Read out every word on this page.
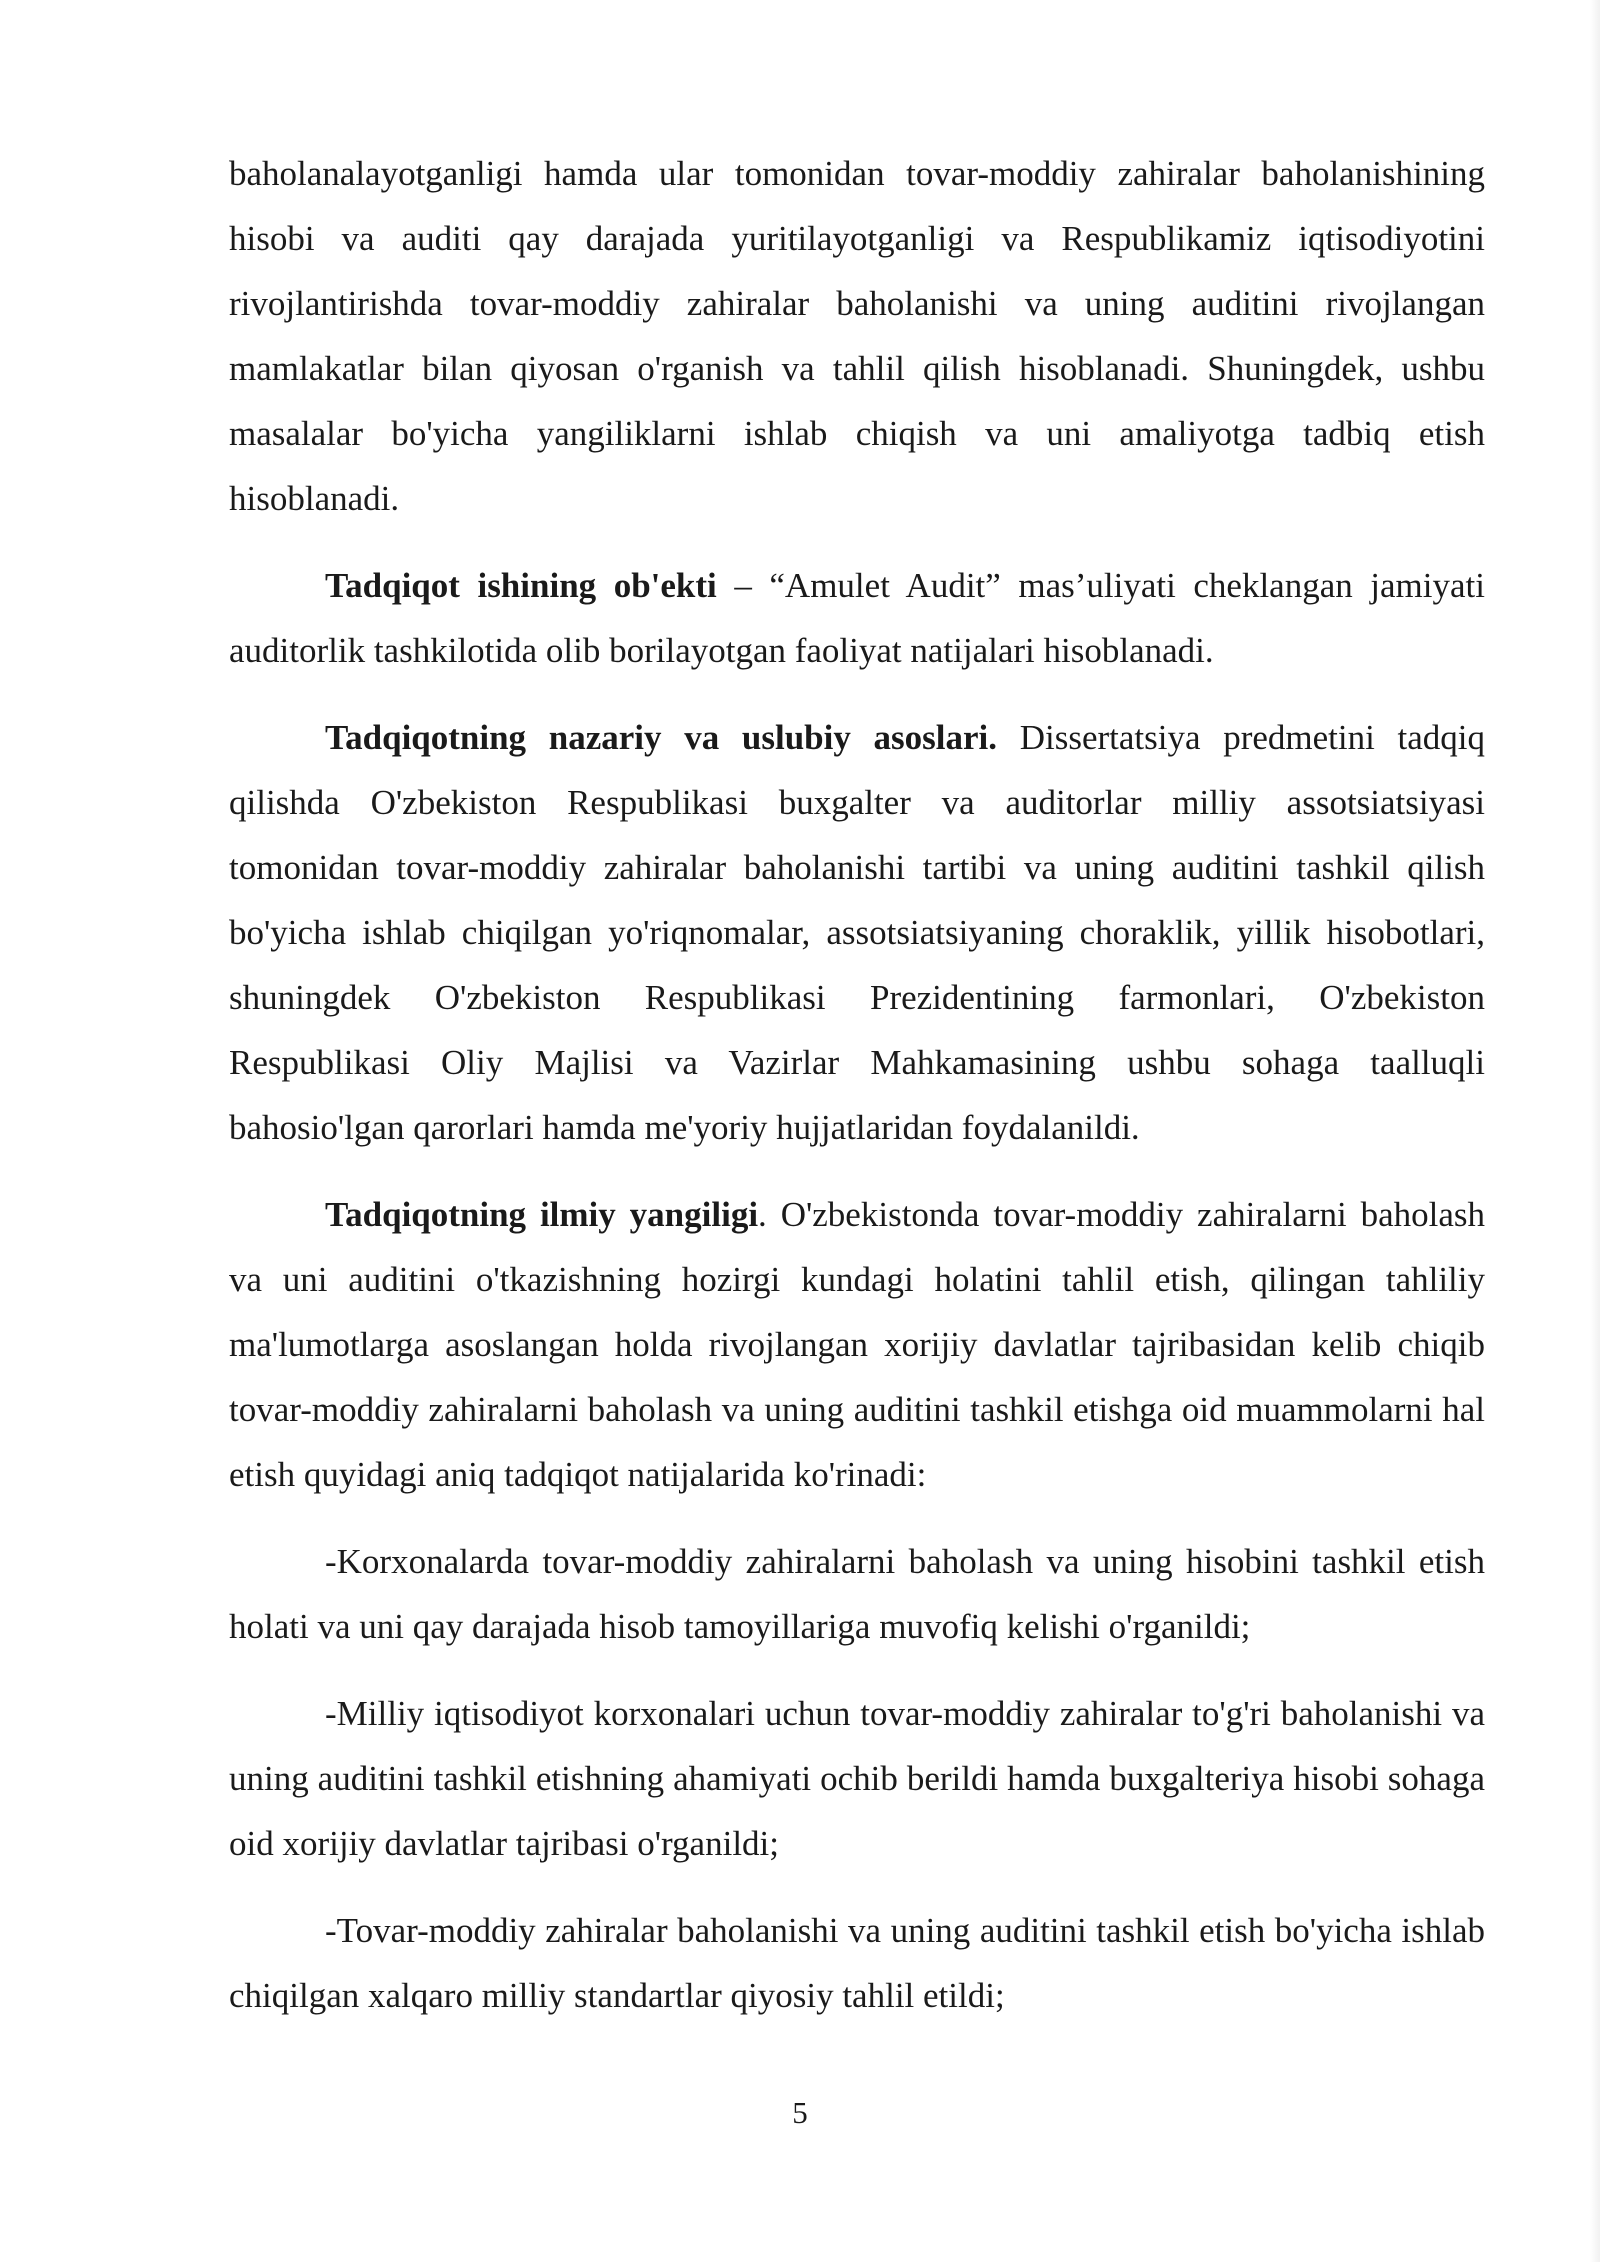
baholanalayotganligi hamda ular tomonidan tovar-moddiy zahiralar baholanishining hisobi va auditi qay darajada yuritilayotganligi va Respublikamiz iqtisodiyotini rivojlantirishda tovar-moddiy zahiralar baholanishi va uning auditini rivojlangan mamlakatlar bilan qiyosan o'rganish va tahlil qilish hisoblanadi. Shuningdek, ushbu masalalar bo'yicha yangiliklarni ishlab chiqish va uni amaliyotga tadbiq etish hisoblanadi.

Tadqiqot ishining ob'ekti – “Amulet Audit” mas’uliyati cheklangan jamiyati auditorlik tashkilotida olib borilayotgan faoliyat natijalari hisoblanadi.

Tadqiqotning nazariy va uslubiy asoslari. Dissertatsiya predmetini tadqiq qilishda O'zbekiston Respublikasi buxgalter va auditorlar milliy assotsiatsiyasi tomonidan tovar-moddiy zahiralar baholanishi tartibi va uning auditini tashkil qilish bo'yicha ishlab chiqilgan yo'riqnomalar, assotsiatsiyaning choraklik, yillik hisobotlari, shuningdek O'zbekiston Respublikasi Prezidentining farmonlari, O'zbekiston Respublikasi Oliy Majlisi va Vazirlar Mahkamasining ushbu sohaga taalluqli bahosio'lgan qarorlari hamda me'yoriy hujjatlaridan foydalanildi.

Tadqiqotning ilmiy yangiligi. O'zbekistonda tovar-moddiy zahiralarni baholash va uni auditini o'tkazishning hozirgi kundagi holatini tahlil etish, qilingan tahliliy ma'lumotlarga asoslangan holda rivojlangan xorijiy davlatlar tajribasidan kelib chiqib tovar-moddiy zahiralarni baholash va uning auditini tashkil etishga oid muammolarni hal etish quyidagi aniq tadqiqot natijalarida ko'rinadi:

-Korxonalarda tovar-moddiy zahiralarni baholash va uning hisobini tashkil etish holati va uni qay darajada hisob tamoyillariga muvofiq kelishi o'rganildi;

-Milliy iqtisodiyot korxonalari uchun tovar-moddiy zahiralar to'g'ri baholanishi va uning auditini tashkil etishning ahamiyati ochib berildi hamda buxgalteriya hisobi sohaga oid xorijiy davlatlar tajribasi o'rganildi;

-Tovar-moddiy zahiralar baholanishi va uning auditini tashkil etish bo'yicha ishlab chiqilgan xalqaro milliy standartlar qiyosiy tahlil etildi;

5
